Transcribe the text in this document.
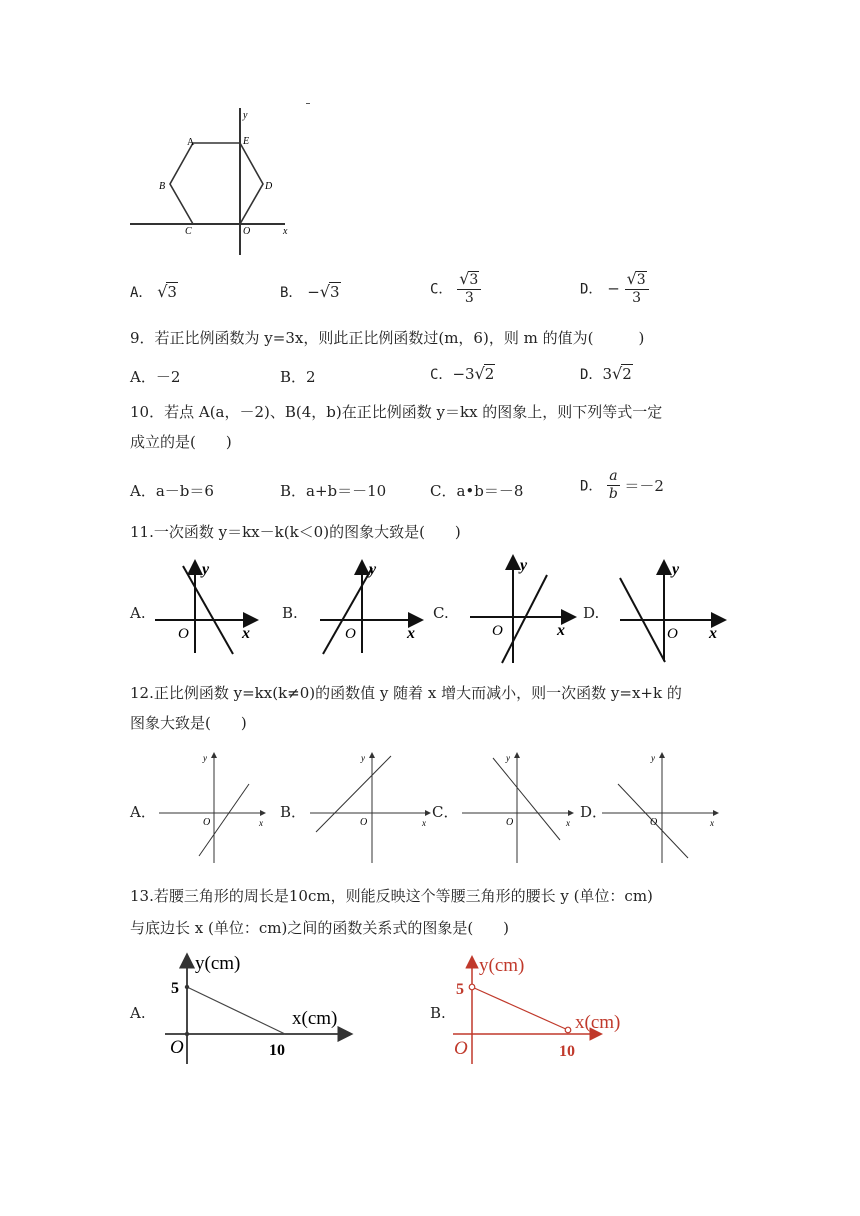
y
E
A
B	D
C	O	x
A． √3	B． −√3	C． $\frac{√3}{3}$	D． − $\frac{√3}{3}$
9．若正比例函数为 y=3x，则此正比例函数过(m，6)，则 m 的值为(　　　)
A．－2	B．2	C．−3√2	D．3√2
10．若点 A(a，－2)、B(4，b)在正比例函数 y＝kx 的图象上，则下列等式一定
成立的是(　　)
A．a－b＝6	B．a+b＝－10	C．a•b＝－8	D． $\frac{a}{b} =-2$
11.一次函数 y＝kx－k(k＜0)的图象大致是(　　)
A.
y
O	x
B.
y
O	x
C.
y
O	x
D.
y
O x
12.正比例函数 y=kx(k≠0)的函数值 y 随着 x 增大而减小，则一次函数 y=x+k 的
图象大致是(　　)
A．
y
O	x
B．
y
O	x
C．
y
O	x
D．
y
O	x
13.若腰三角形的周长是10cm，则能反映这个等腰三角形的腰长 y (单位：cm)
与底边长 x (单位：cm)之间的函数关系式的图象是(　　)
A.
y(cm)
5
O	10
x(cm)	B.
y(cm)
5
O	10
x(cm)
